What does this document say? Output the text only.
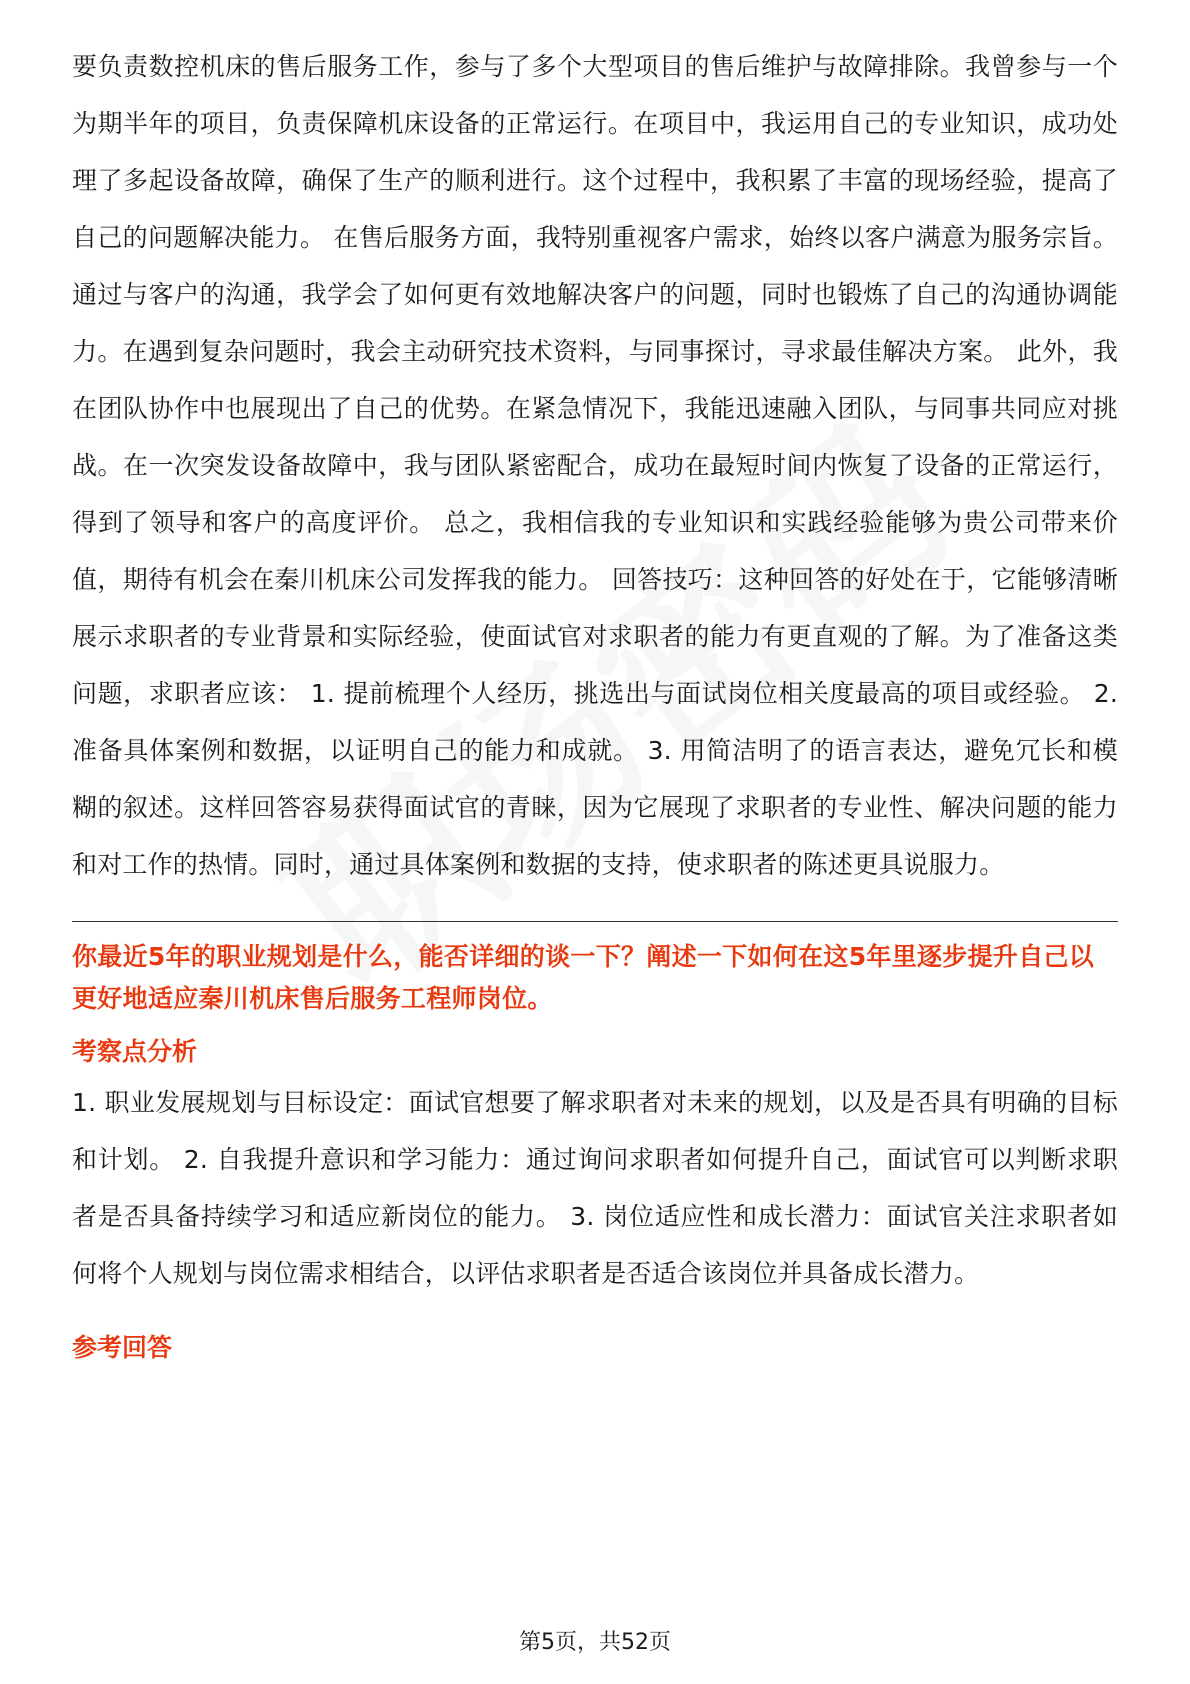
要负责数控机床的售后服务工作，参与了多个大型项目的售后维护与故障排除。我曾参与一个为期半年的项目，负责保障机床设备的正常运行。在项目中，我运用自己的专业知识，成功处理了多起设备故障，确保了生产的顺利进行。这个过程中，我积累了丰富的现场经验，提高了自己的问题解决能力。 在售后服务方面，我特别重视客户需求，始终以客户满意为服务宗旨。通过与客户的沟通，我学会了如何更有效地解决客户的问题，同时也锻炼了自己的沟通协调能力。在遇到复杂问题时，我会主动研究技术资料，与同事探讨，寻求最佳解决方案。 此外，我在团队协作中也展现出了自己的优势。在紧急情况下，我能迅速融入团队，与同事共同应对挑战。在一次突发设备故障中，我与团队紧密配合，成功在最短时间内恢复了设备的正常运行，得到了领导和客户的高度评价。 总之，我相信我的专业知识和实践经验能够为贵公司带来价值，期待有机会在秦川机床公司发挥我的能力。 回答技巧：这种回答的好处在于，它能够清晰展示求职者的专业背景和实际经验，使面试官对求职者的能力有更直观的了解。为了准备这类问题，求职者应该： 1. 提前梳理个人经历，挑选出与面试岗位相关度最高的项目或经验。 2. 准备具体案例和数据，以证明自己的能力和成就。 3. 用简洁明了的语言表达，避免冗长和模糊的叙述。这样回答容易获得面试官的青睐，因为它展现了求职者的专业性、解决问题的能力和对工作的热情。同时，通过具体案例和数据的支持，使求职者的陈述更具说服力。

你最近5年的职业规划是什么，能否详细的谈一下？阐述一下如何在这5年里逐步提升自己以更好地适应秦川机床售后服务工程师岗位。

考察点分析

1. 职业发展规划与目标设定：面试官想要了解求职者对未来的规划，以及是否具有明确的目标和计划。 2. 自我提升意识和学习能力：通过询问求职者如何提升自己，面试官可以判断求职者是否具备持续学习和适应新岗位的能力。 3. 岗位适应性和成长潜力：面试官关注求职者如何将个人规划与岗位需求相结合，以评估求职者是否适合该岗位并具备成长潜力。

参考回答

第5页，共52页
